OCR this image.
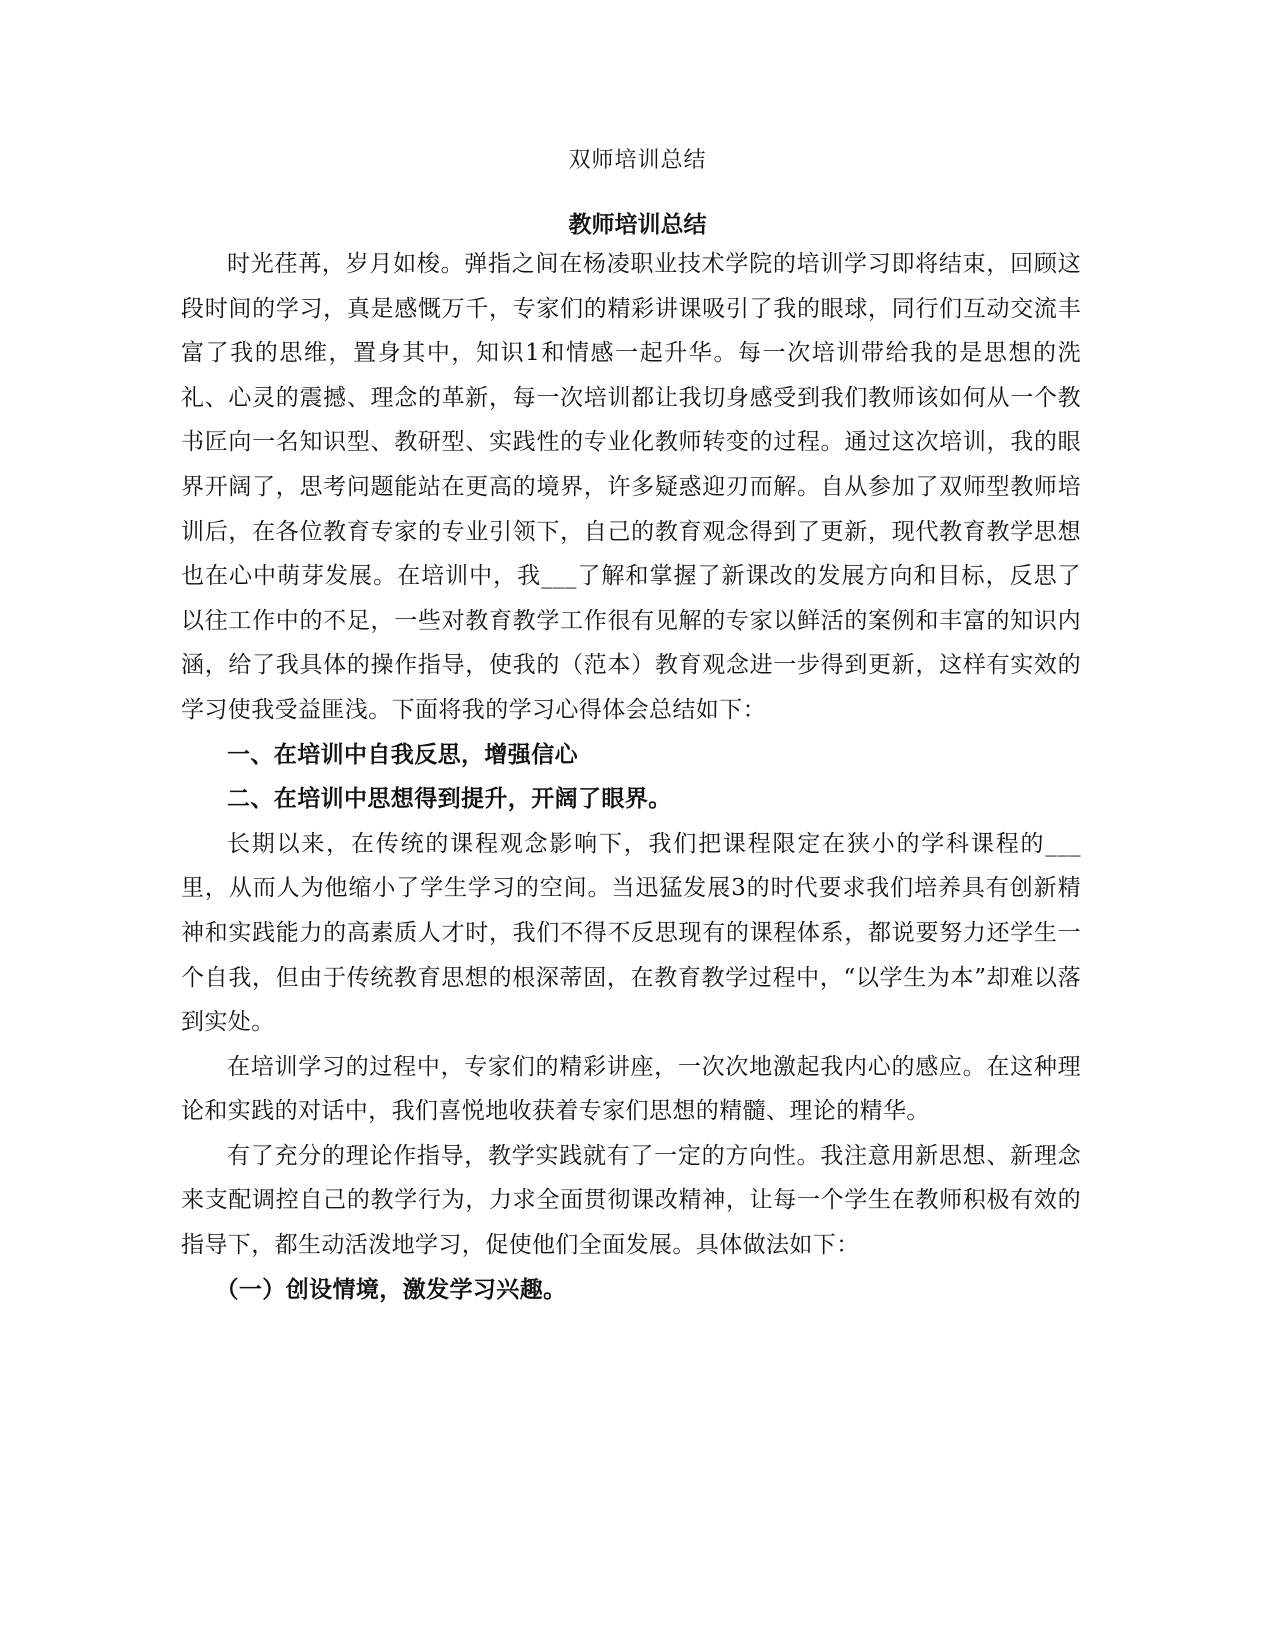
双师培训总结
教师培训总结

时光荏苒，岁月如梭。弹指之间在杨凌职业技术学院的培训学习即将结束，回顾这段时间的学习，真是感慨万千，专家们的精彩讲课吸引了我的眼球，同行们互动交流丰富了我的思维，置身其中，知识1和情感一起升华。每一次培训带给我的是思想的洗礼、心灵的震撼、理念的革新，每一次培训都让我切身感受到我们教师该如何从一个教书匠向一名知识型、教研型、实践性的专业化教师转变的过程。通过这次培训，我的眼界开阔了，思考问题能站在更高的境界，许多疑惑迎刃而解。自从参加了双师型教师培训后，在各位教育专家的专业引领下，自己的教育观念得到了更新，现代教育教学思想也在心中萌芽发展。在培训中，我___了解和掌握了新课改的发展方向和目标，反思了以往工作中的不足，一些对教育教学工作很有见解的专家以鲜活的案例和丰富的知识内涵，给了我具体的操作指导，使我的（范本）教育观念进一步得到更新，这样有实效的学习使我受益匪浅。下面将我的学习心得体会总结如下：

一、在培训中自我反思，增强信心

二、在培训中思想得到提升，开阔了眼界。

长期以来，在传统的课程观念影响下，我们把课程限定在狭小的学科课程的___里，从而人为他缩小了学生学习的空间。当迅猛发展3的时代要求我们培养具有创新精神和实践能力的高素质人才时，我们不得不反思现有的课程体系，都说要努力还学生一个自我，但由于传统教育思想的根深蒂固，在教育教学过程中，“以学生为本”却难以落到实处。

在培训学习的过程中，专家们的精彩讲座，一次次地激起我内心的感应。在这种理论和实践的对话中，我们喜悦地收获着专家们思想的精髓、理论的精华。

有了充分的理论作指导，教学实践就有了一定的方向性。我注意用新思想、新理念来支配调控自己的教学行为，力求全面贯彻课改精神，让每一个学生在教师积极有效的指导下，都生动活泼地学习，促使他们全面发展。具体做法如下：

（一）创设情境，激发学习兴趣。
